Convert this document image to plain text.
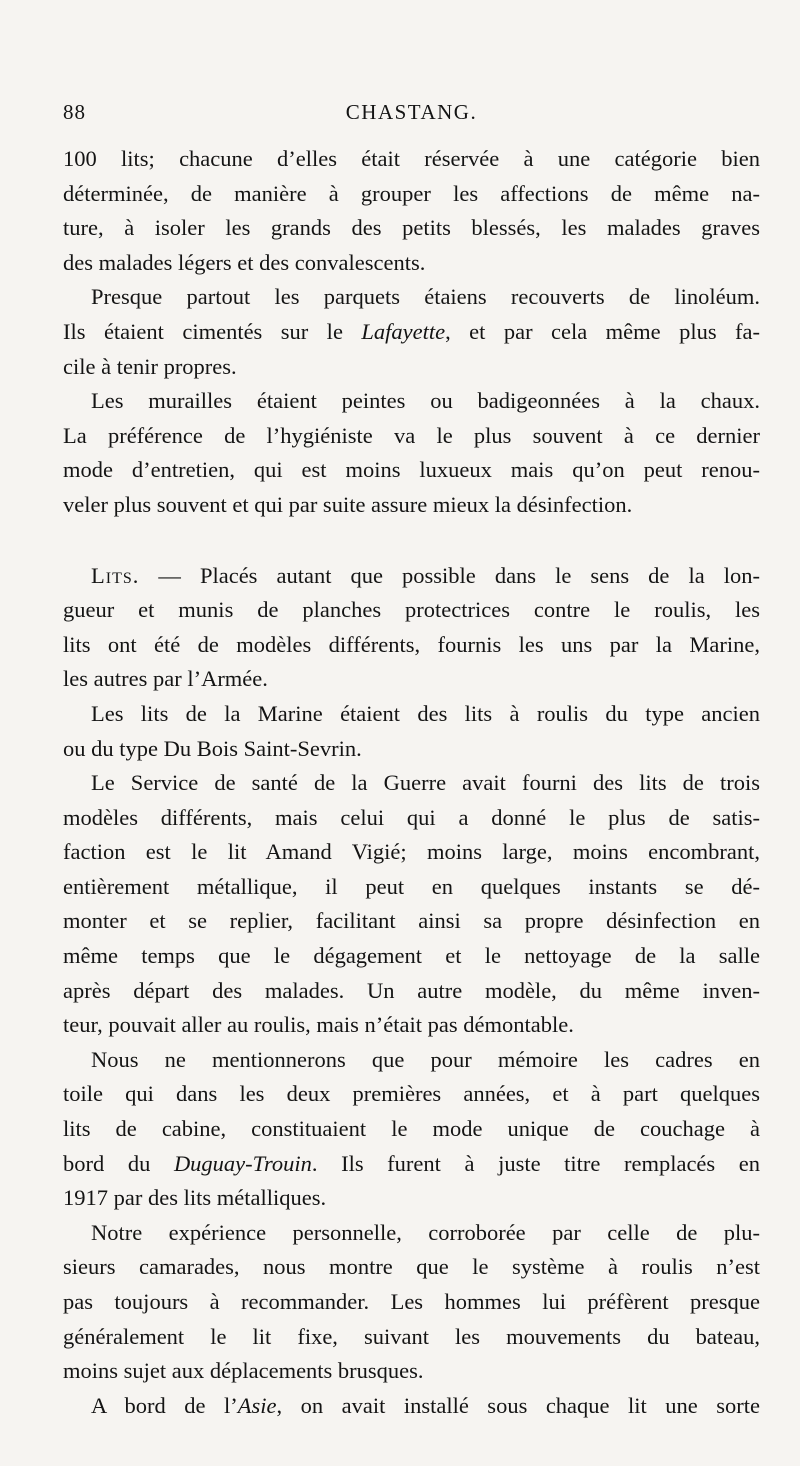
88	CHASTANG.
100 lits; chacune d’elles était réservée à une catégorie bien
déterminée, de manière à grouper les affections de même na-
ture, à isoler les grands des petits blessés, les malades graves
des malades légers et des convalescents.
Presque partout les parquets étaiens recouverts de linoléum.
Ils étaient cimentés sur le Lafayette, et par cela même plus fa-
cile à tenir propres.
Les murailles étaient peintes ou badigeonnées à la chaux.
La préférence de l’hygiéniste va le plus souvent à ce dernier
mode d’entretien, qui est moins luxueux mais qu’on peut renou-
veler plus souvent et qui par suite assure mieux la désinfection.
Lits. — Placés autant que possible dans le sens de la lon-
gueur et munis de planches protectrices contre le roulis, les
lits ont été de modèles différents, fournis les uns par la Marine,
les autres par l’Armée.
Les lits de la Marine étaient des lits à roulis du type ancien
ou du type Du Bois Saint-Sevrin.
Le Service de santé de la Guerre avait fourni des lits de trois
modèles différents, mais celui qui a donné le plus de satis-
faction est le lit Amand Vigié; moins large, moins encombrant,
entièrement métallique, il peut en quelques instants se dé-
monter et se replier, facilitant ainsi sa propre désinfection en
même temps que le dégagement et le nettoyage de la salle
après départ des malades. Un autre modèle, du même inven-
teur, pouvait aller au roulis, mais n’était pas démontable.
Nous ne mentionnerons que pour mémoire les cadres en
toile qui dans les deux premières années, et à part quelques
lits de cabine, constituaient le mode unique de couchage à
bord du Duguay-Trouin. Ils furent à juste titre remplacés en
1917 par des lits métalliques.
Notre expérience personnelle, corroborée par celle de plu-
sieurs camarades, nous montre que le système à roulis n’est
pas toujours à recommander. Les hommes lui préfèrent presque
généralement le lit fixe, suivant les mouvements du bateau,
moins sujet aux déplacements brusques.
A bord de l’Asie, on avait installé sous chaque lit une sorte
